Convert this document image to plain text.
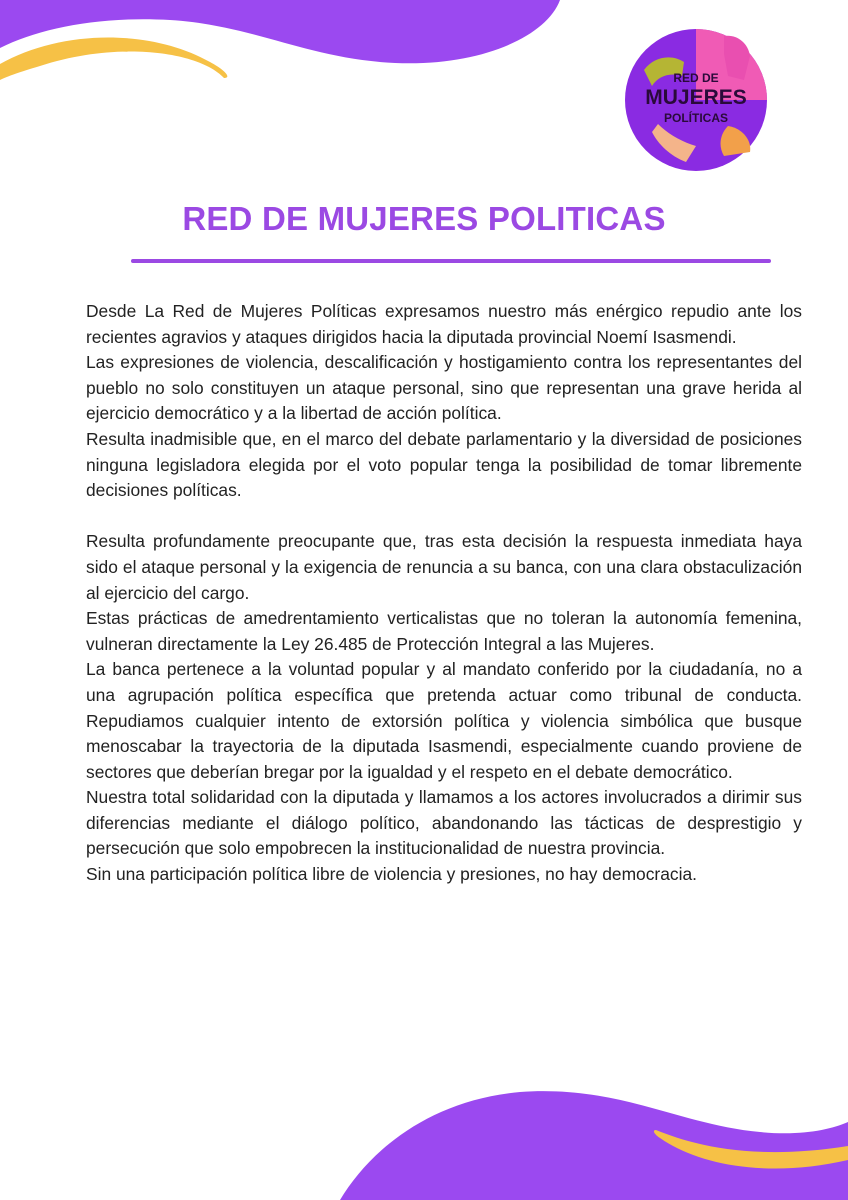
RED DE
MUJERES
POLÍTICAS
RED DE MUJERES POLITICAS

Desde La Red de Mujeres Políticas expresamos nuestro más enérgico repudio ante los recientes agravios y ataques dirigidos hacia la diputada provincial Noemí Isasmendi.

Las expresiones de violencia, descalificación y hostigamiento contra los representantes del pueblo no solo constituyen un ataque personal, sino que representan una grave herida al ejercicio democrático y a la libertad de acción política.

Resulta inadmisible que, en el marco del debate parlamentario y la diversidad de posiciones ninguna legisladora elegida por el voto popular tenga la posibilidad de tomar libremente decisiones políticas.

Resulta profundamente preocupante que, tras esta decisión la respuesta inmediata haya sido el ataque personal y la exigencia de renuncia a su banca, con una clara obstaculización al ejercicio del cargo.

Estas prácticas de amedrentamiento verticalistas que no toleran la autonomía femenina, vulneran directamente la Ley 26.485 de Protección Integral a las Mujeres.

La banca pertenece a la voluntad popular y al mandato conferido por la ciudadanía, no a una agrupación política específica que pretenda actuar como tribunal de conducta. Repudiamos cualquier intento de extorsión política y violencia simbólica que busque menoscabar la trayectoria de la diputada Isasmendi, especialmente cuando proviene de sectores que deberían bregar por la igualdad y el respeto en el debate democrático.

Nuestra total solidaridad con la diputada y llamamos a los actores involucrados a dirimir sus diferencias mediante el diálogo político, abandonando las tácticas de desprestigio y persecución que solo empobrecen la institucionalidad de nuestra provincia.

Sin una participación política libre de violencia y presiones, no hay democracia.
